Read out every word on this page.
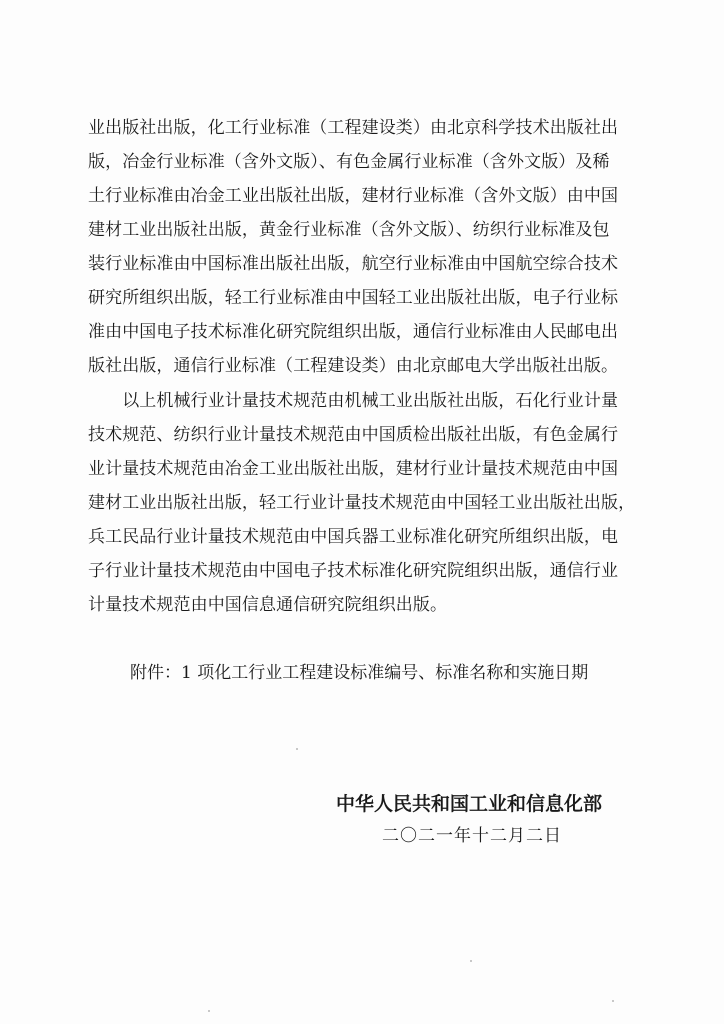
业出版社出版，化工行业标准（工程建设类）由北京科学技术出版社出
版，冶金行业标准（含外文版）、有色金属行业标准（含外文版）及稀
土行业标准由冶金工业出版社出版，建材行业标准（含外文版）由中国
建材工业出版社出版，黄金行业标准（含外文版）、纺织行业标准及包
装行业标准由中国标准出版社出版，航空行业标准由中国航空综合技术
研究所组织出版，轻工行业标准由中国轻工业出版社出版，电子行业标
准由中国电子技术标准化研究院组织出版，通信行业标准由人民邮电出
版社出版，通信行业标准（工程建设类）由北京邮电大学出版社出版。
　　以上机械行业计量技术规范由机械工业出版社出版，石化行业计量
技术规范、纺织行业计量技术规范由中国质检出版社出版，有色金属行
业计量技术规范由冶金工业出版社出版，建材行业计量技术规范由中国
建材工业出版社出版，轻工行业计量技术规范由中国轻工业出版社出版，
兵工民品行业计量技术规范由中国兵器工业标准化研究所组织出版，电
子行业计量技术规范由中国电子技术标准化研究院组织出版，通信行业
计量技术规范由中国信息通信研究院组织出版。
附件：1 项化工行业工程建设标准编号、标准名称和实施日期
中华人民共和国工业和信息化部
二〇二一年十二月二日
